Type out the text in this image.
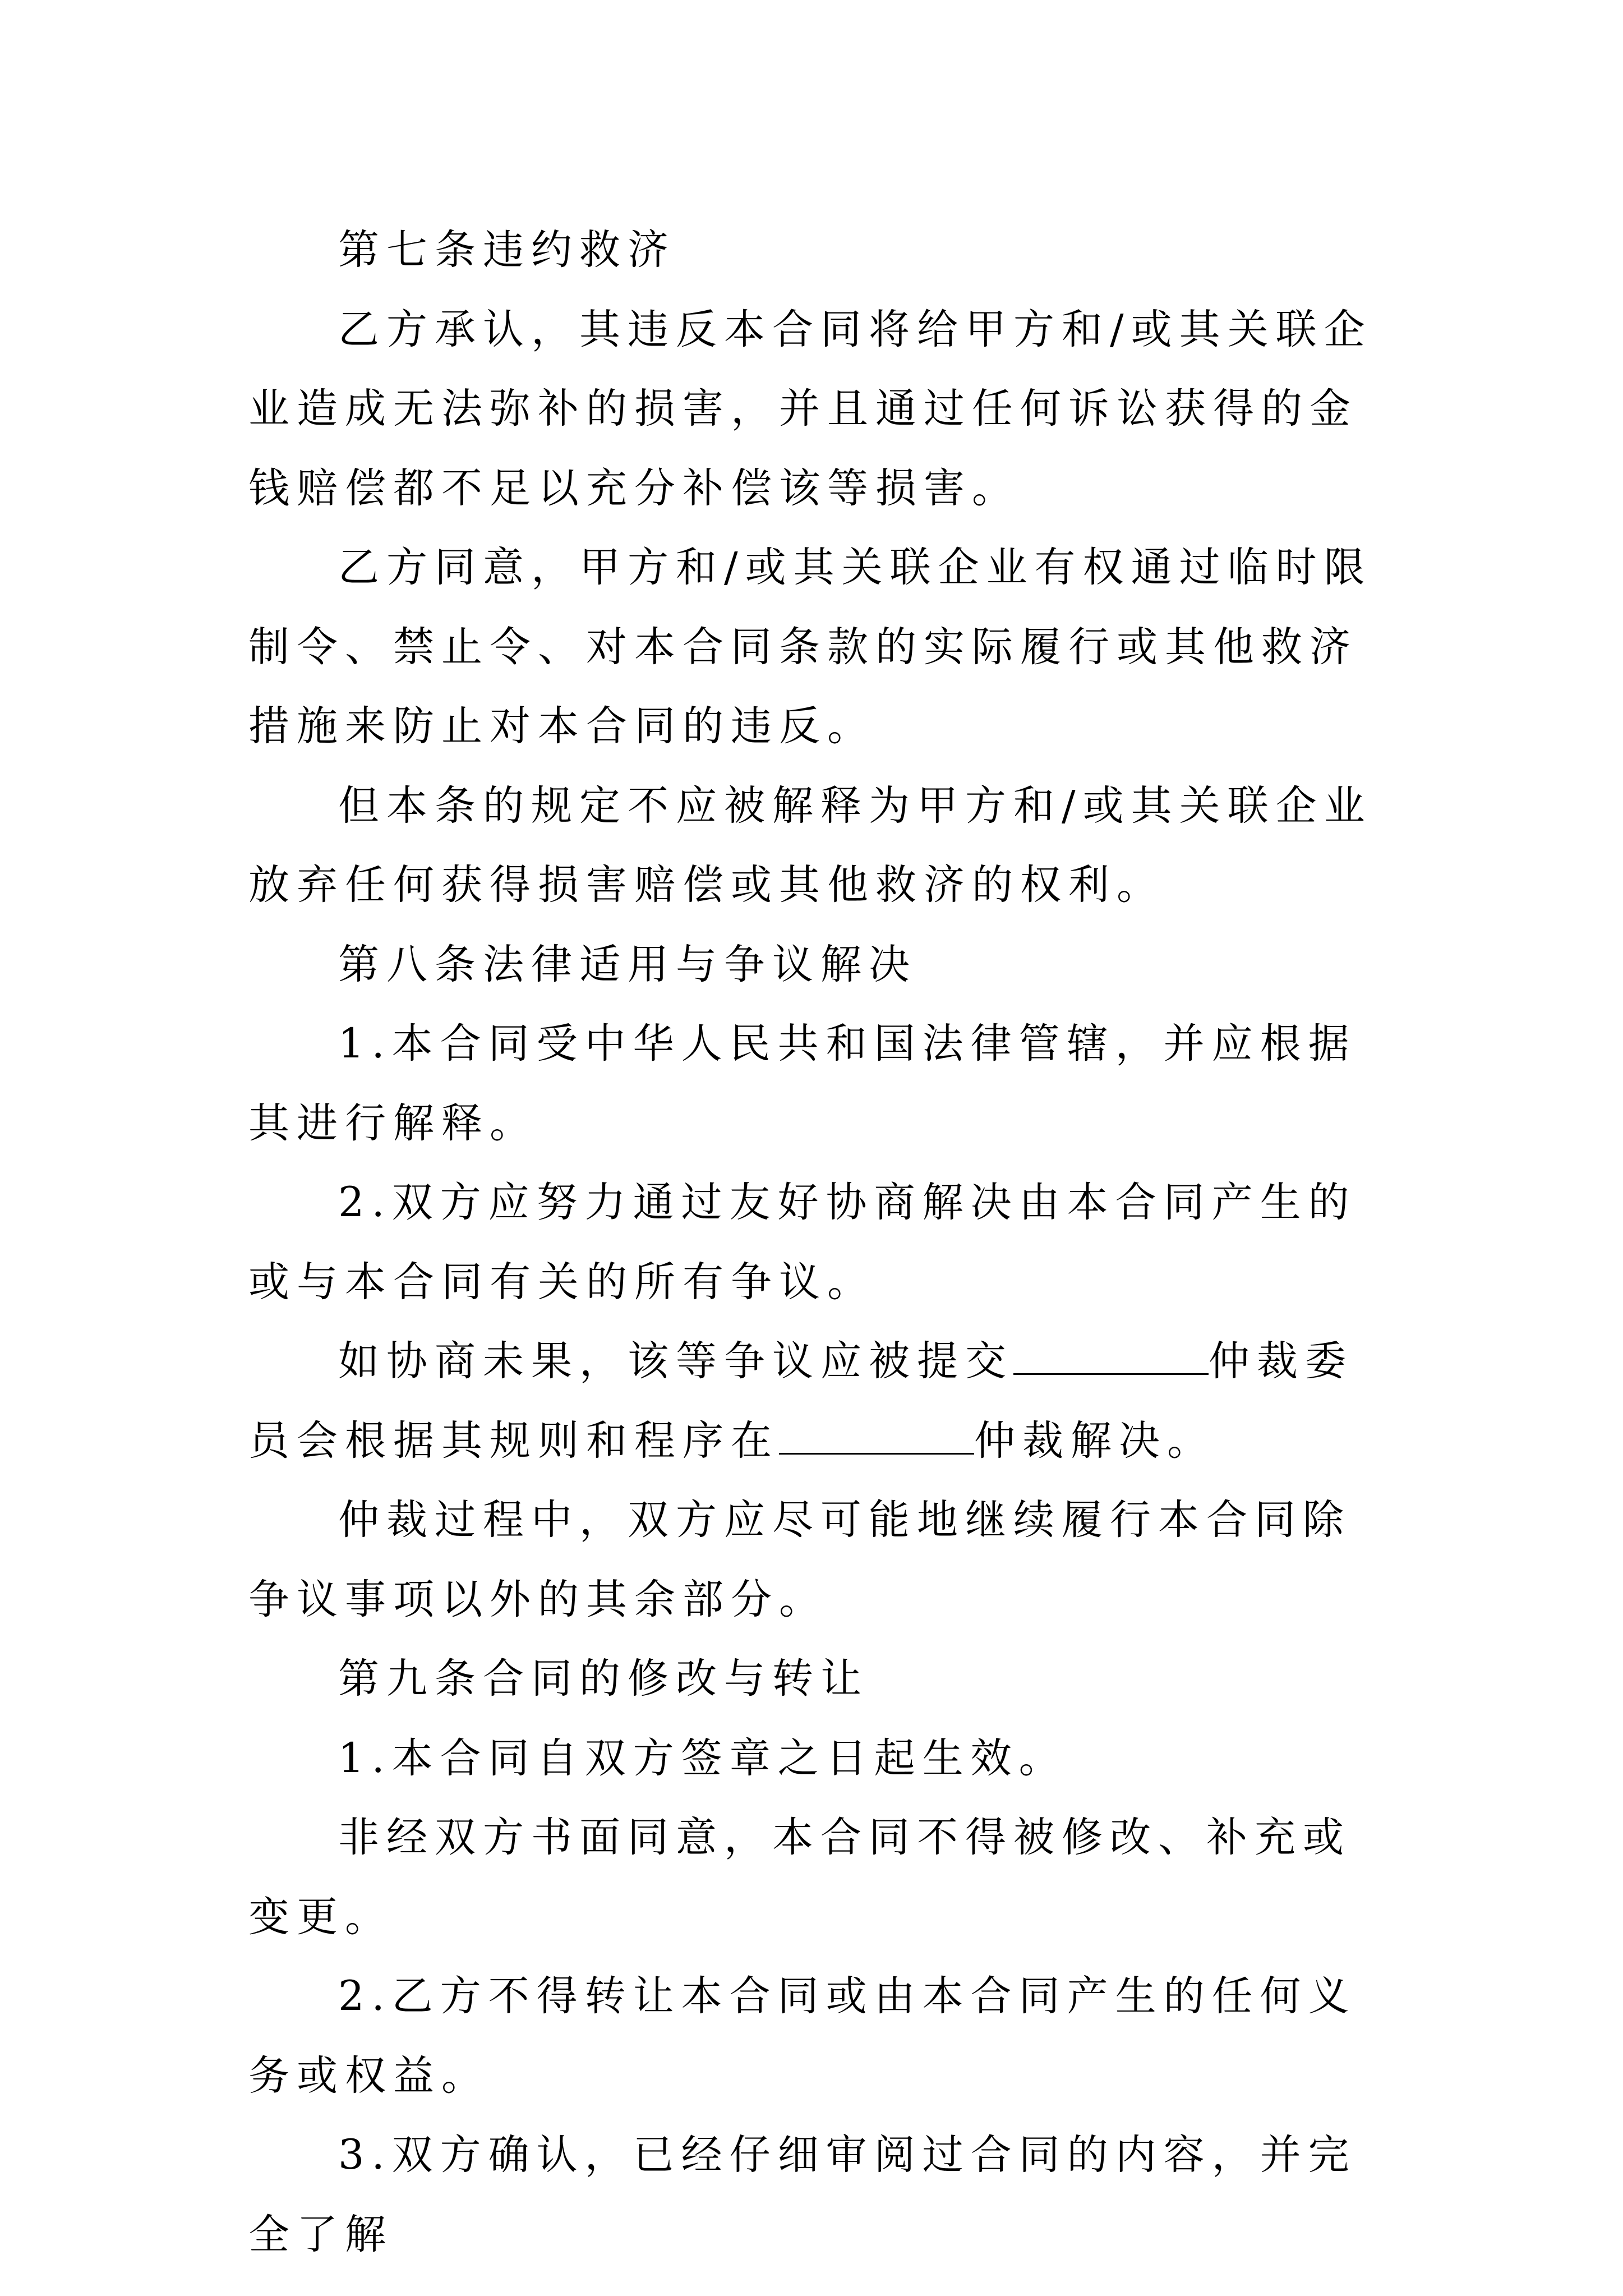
第七条违约救济

乙方承认，其违反本合同将给甲方和/或其关联企业造成无法弥补的损害，并且通过任何诉讼获得的金钱赔偿都不足以充分补偿该等损害。

乙方同意，甲方和/或其关联企业有权通过临时限制令、禁止令、对本合同条款的实际履行或其他救济措施来防止对本合同的违反。

但本条的规定不应被解释为甲方和/或其关联企业放弃任何获得损害赔偿或其他救济的权利。

第八条法律适用与争议解决

1.本合同受中华人民共和国法律管辖，并应根据其进行解释。

2.双方应努力通过友好协商解决由本合同产生的或与本合同有关的所有争议。

如协商未果，该等争议应被提交	仲裁委员会根据其规则和程序在	仲裁解决。

仲裁过程中，双方应尽可能地继续履行本合同除争议事项以外的其余部分。

第九条合同的修改与转让

1.本合同自双方签章之日起生效。

非经双方书面同意，本合同不得被修改、补充或变更。

2.乙方不得转让本合同或由本合同产生的任何义务或权益。

3.双方确认，已经仔细审阅过合同的内容，并完全了解
